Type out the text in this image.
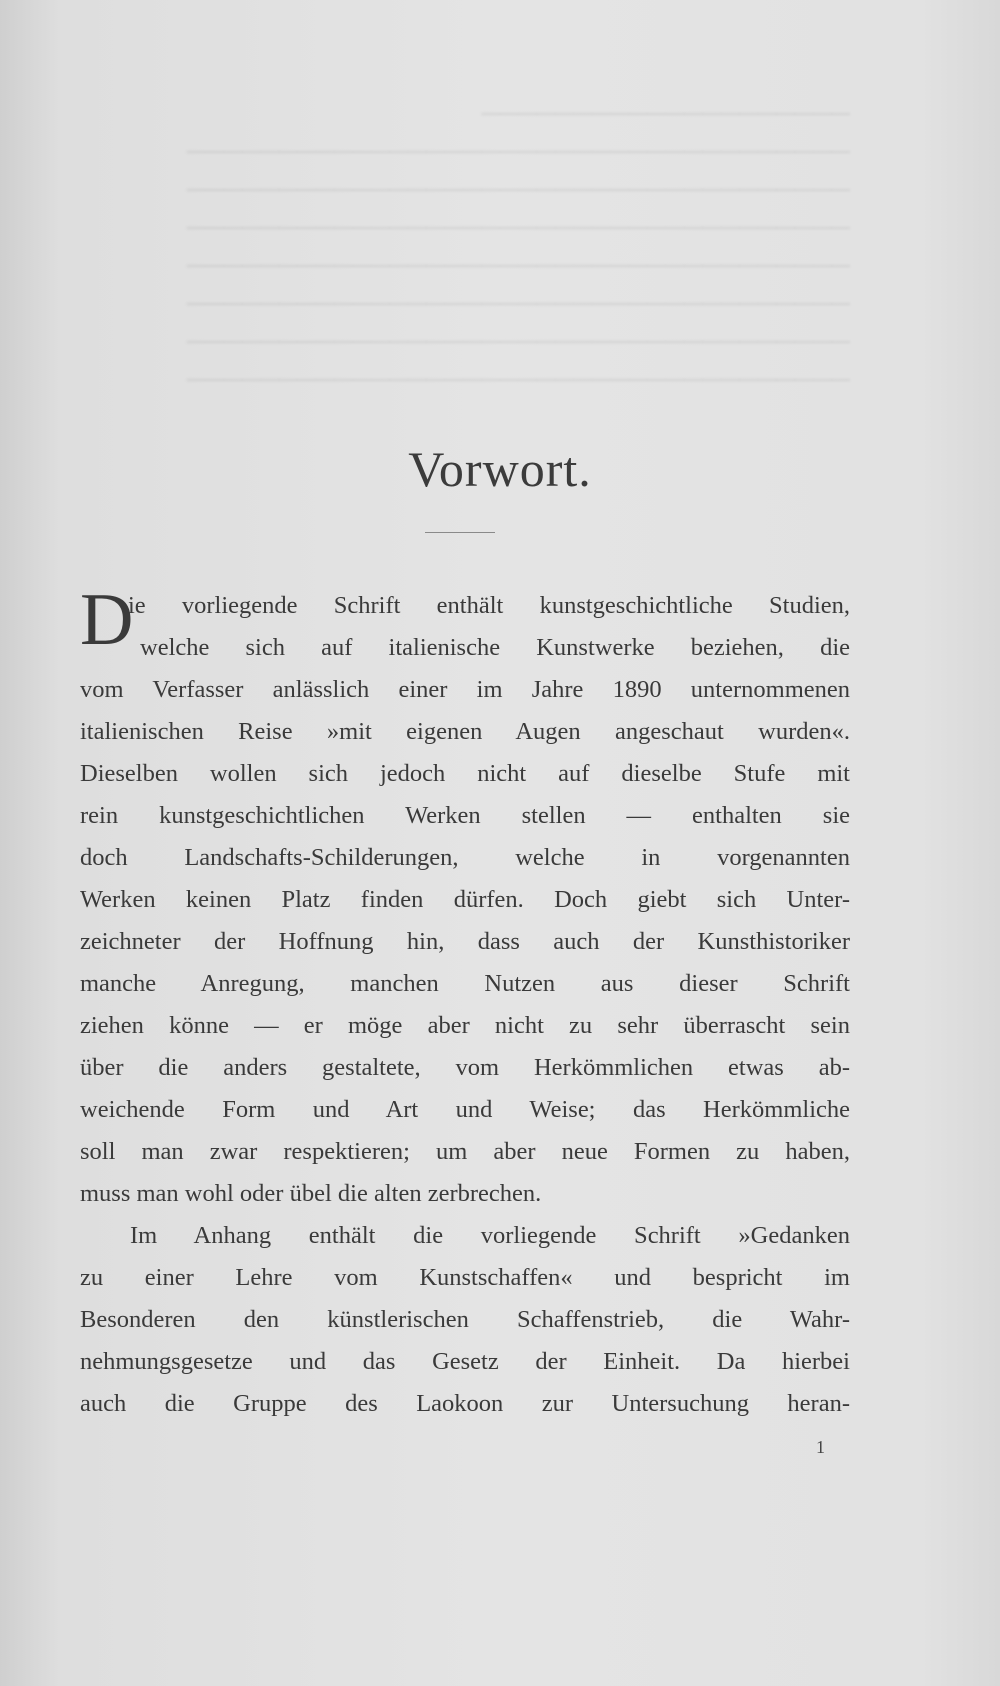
────────────────────
────────────────────────────────────
────────────────────────────────────
────────────────────────────────────
────────────────────────────────────
────────────────────────────────────
────────────────────────────────────
────────────────────────────────────
Vorwort.
D
ie vorliegende Schrift enthält kunstgeschichtliche Studien,
welche sich auf italienische Kunstwerke beziehen, die
vom Verfasser anlässlich einer im Jahre 1890 unternommenen
italienischen Reise »mit eigenen Augen angeschaut wurden«.
Dieselben wollen sich jedoch nicht auf dieselbe Stufe mit
rein kunstgeschichtlichen Werken stellen — enthalten sie
doch Landschafts-Schilderungen, welche in vorgenannten
Werken keinen Platz finden dürfen. Doch giebt sich Unter-
zeichneter der Hoffnung hin, dass auch der Kunsthistoriker
manche Anregung, manchen Nutzen aus dieser Schrift
ziehen könne — er möge aber nicht zu sehr überrascht sein
über die anders gestaltete, vom Herkömmlichen etwas ab-
weichende Form und Art und Weise; das Herkömmliche
soll man zwar respektieren; um aber neue Formen zu haben,
muss man wohl oder übel die alten zerbrechen.
Im Anhang enthält die vorliegende Schrift »Gedanken
zu einer Lehre vom Kunstschaffen« und bespricht im
Besonderen den künstlerischen Schaffenstrieb, die Wahr-
nehmungsgesetze und das Gesetz der Einheit. Da hierbei
auch die Gruppe des Laokoon zur Untersuchung heran-
1
